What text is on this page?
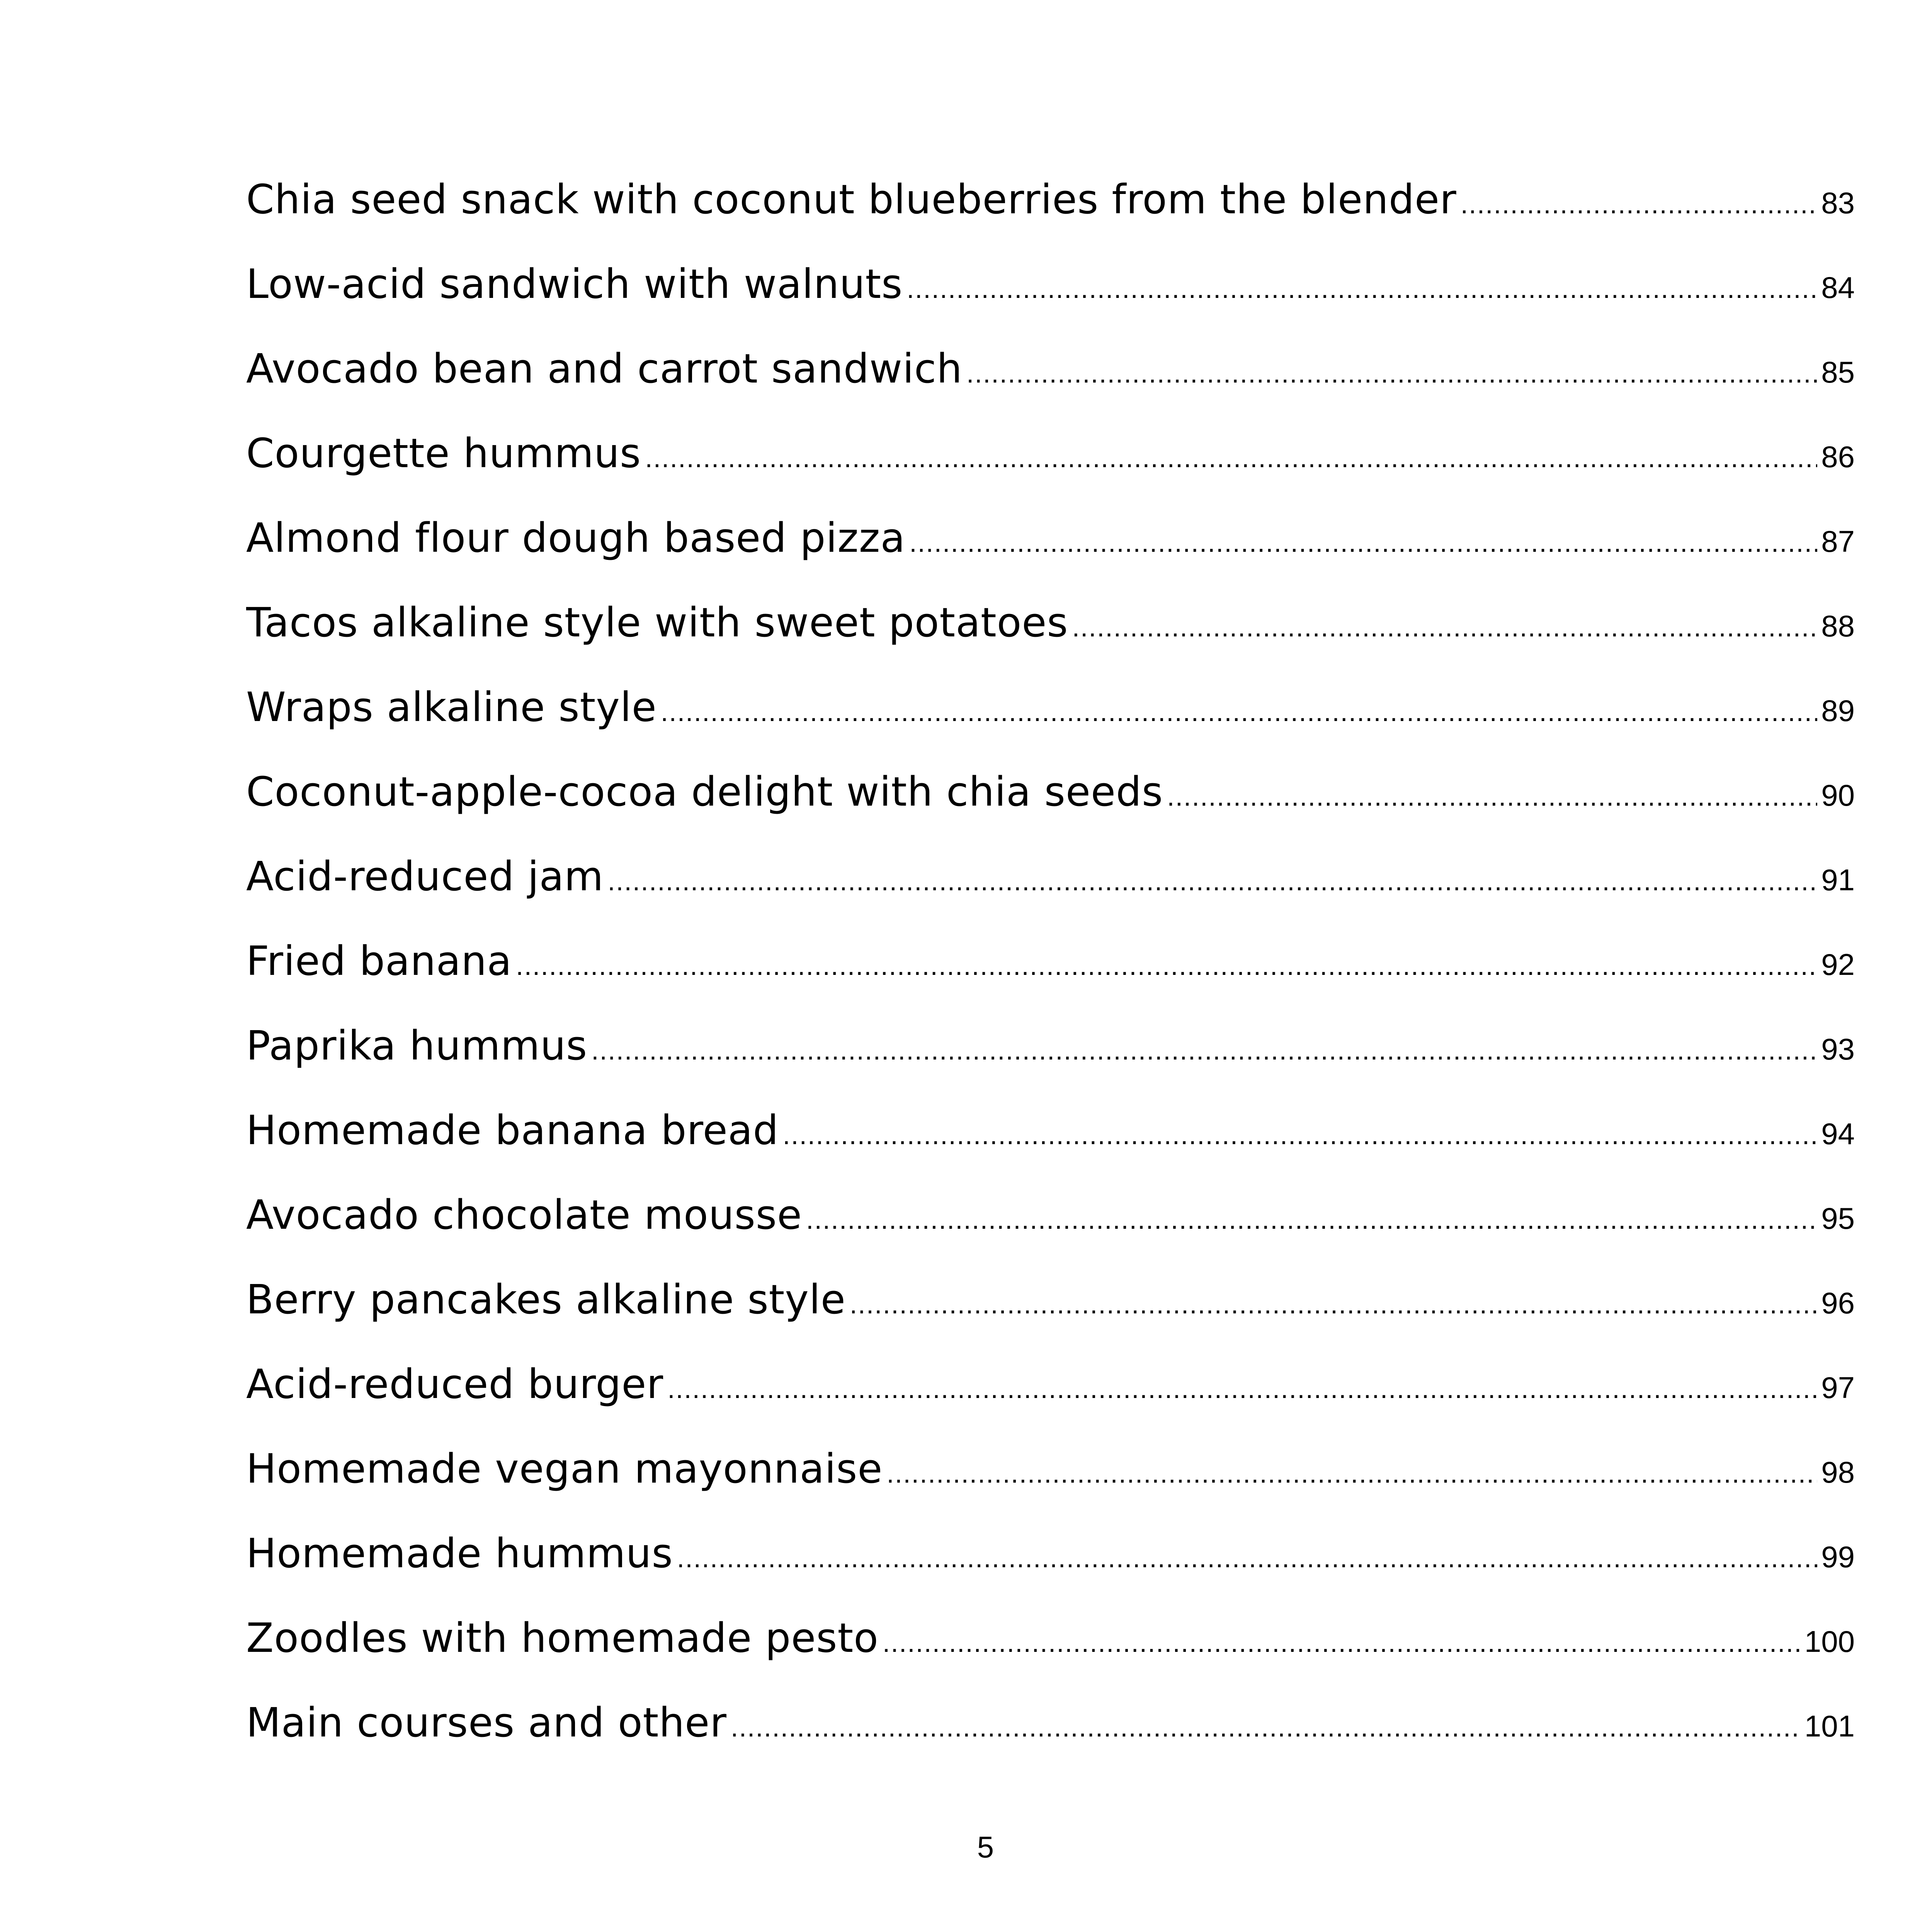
Chia seed snack with coconut blueberries from the blender .....	83
Low-acid sandwich with walnuts .....	84
Avocado bean and carrot sandwich .....	85
Courgette hummus .....	86
Almond flour dough based pizza .....	87
Tacos alkaline style with sweet potatoes .....	88
Wraps alkaline style .....	89
Coconut-apple-cocoa delight with chia seeds .....	90
Acid-reduced jam .....	91
Fried banana .....	92
Paprika hummus .....	93
Homemade banana bread .....	94
Avocado chocolate mousse .....	95
Berry pancakes alkaline style .....	96
Acid-reduced burger .....	97
Homemade vegan mayonnaise .....	98
Homemade hummus .....	99
Zoodles with homemade pesto .....	100
Main courses and other .....	101
5
